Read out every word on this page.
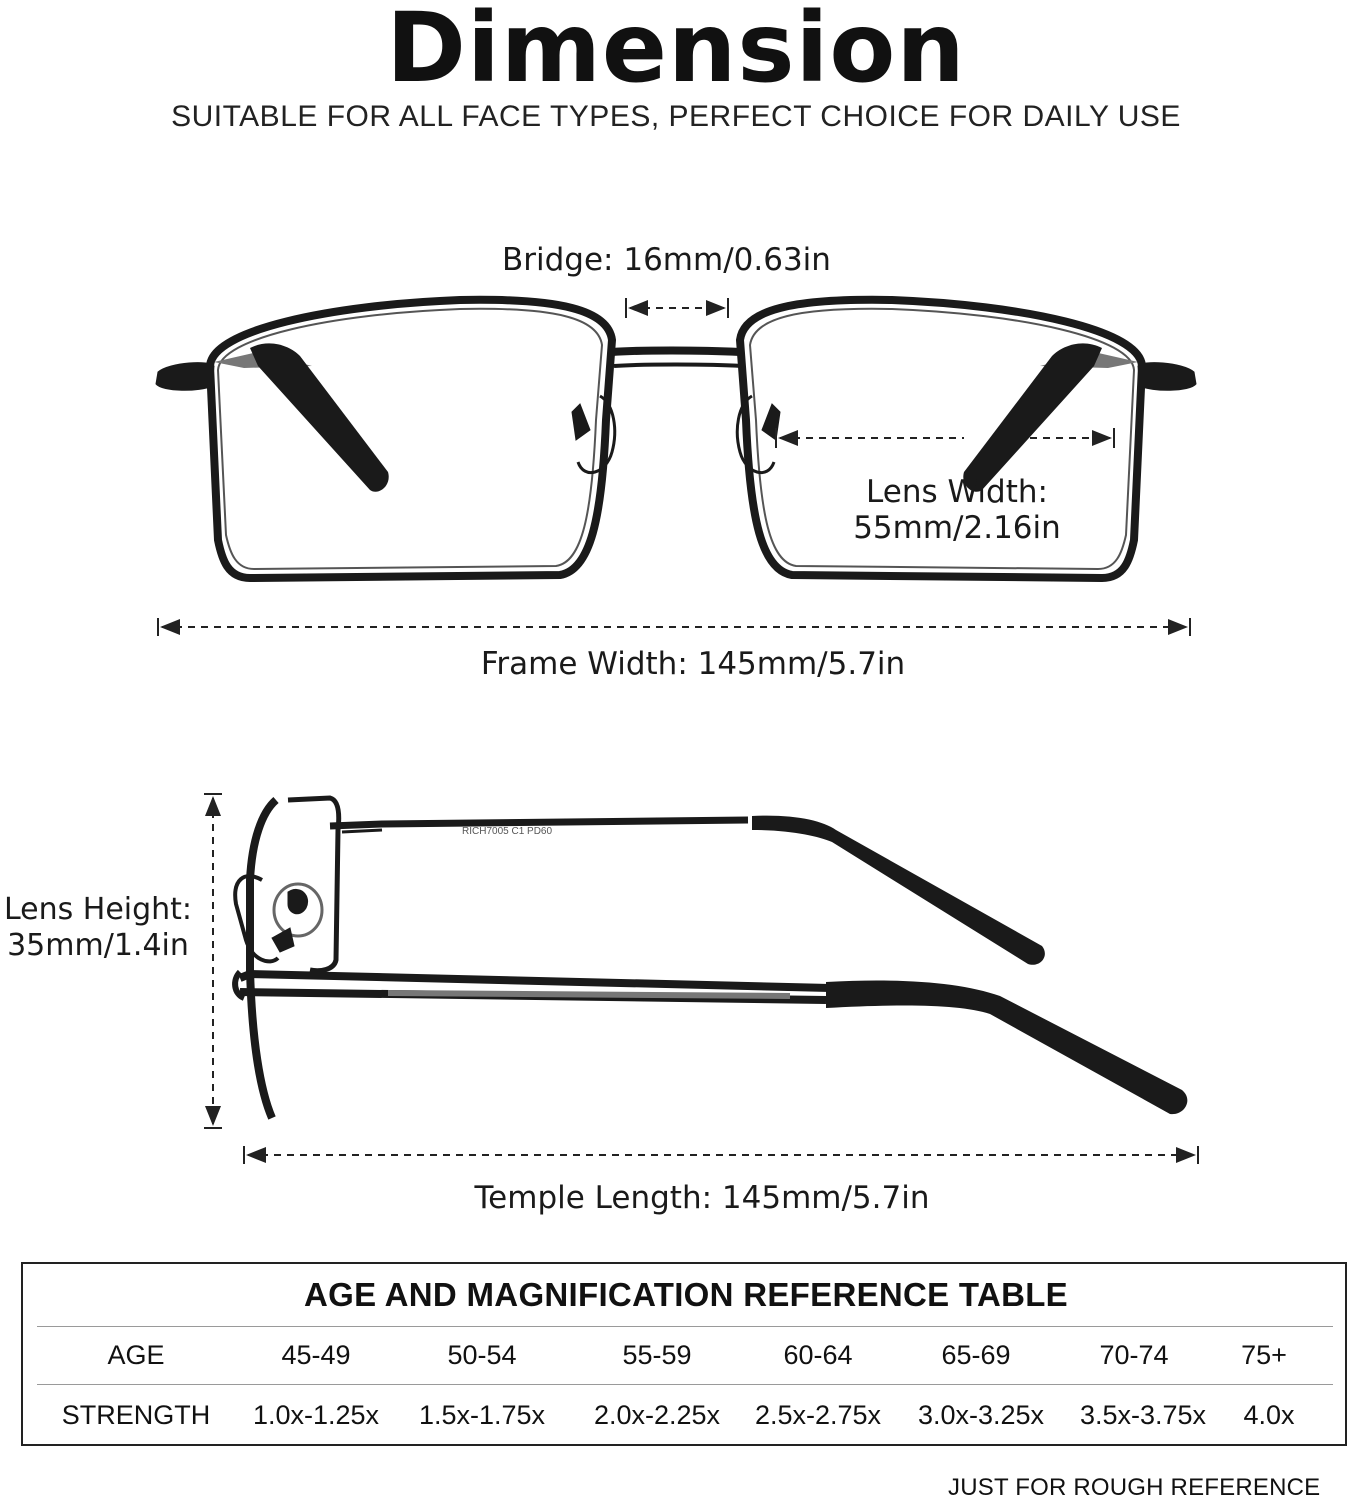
Dimension
SUITABLE FOR ALL FACE TYPES, PERFECT CHOICE FOR DAILY USE
RICH7005 C1 PD60
Bridge: 16mm/0.63in
Lens Width:
55mm/2.16in
Frame Width: 145mm/5.7in
Lens Height:
35mm/1.4in
Temple Length: 145mm/5.7in
AGE AND MAGNIFICATION REFERENCE TABLE
AGE	45-49	50-54	55-59	60-64	65-69	70-74	75+
STRENGTH	1.0x-1.25x	1.5x-1.75x	2.0x-2.25x	2.5x-2.75x	3.0x-3.25x	3.5x-3.75x	4.0x
JUST FOR ROUGH REFERENCE
